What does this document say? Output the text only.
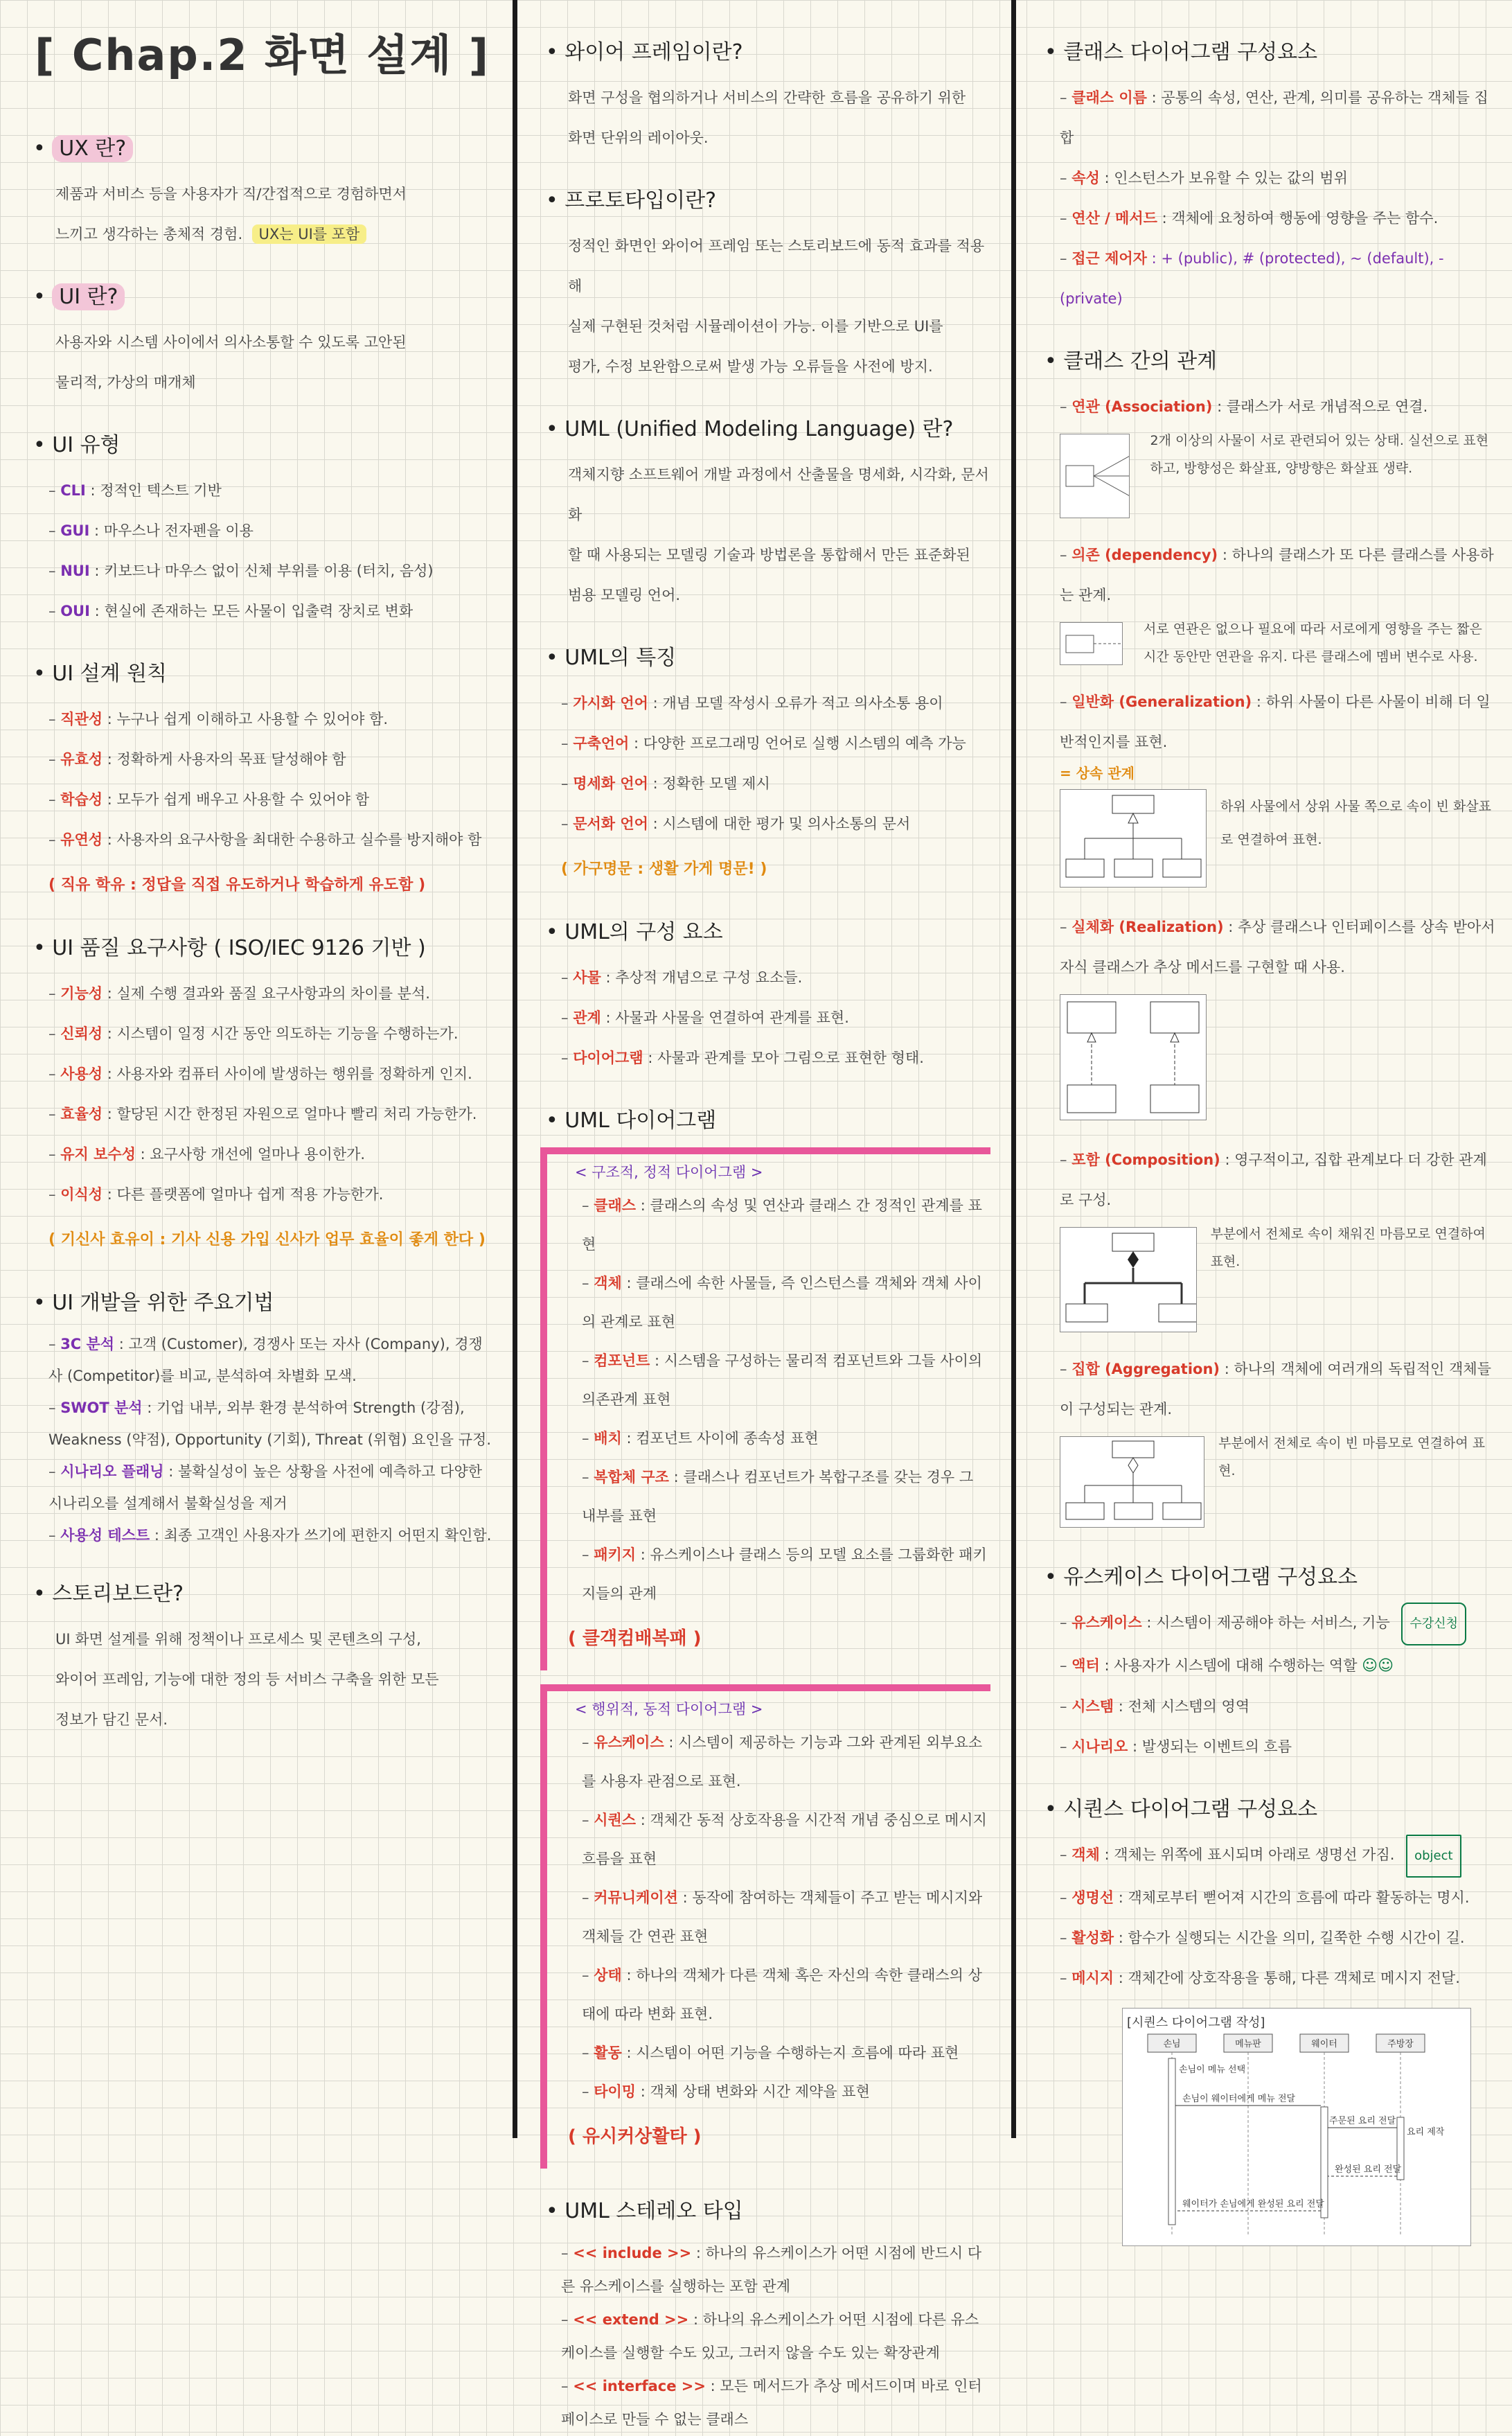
[ Chap.2 화면 설계 ]
• UX 란?
제품과 서비스 등을 사용자가 직/간접적으로 경험하면서
느끼고 생각하는 총체적 경험. UX는 UI를 포함
• UI 란?
사용자와 시스템 사이에서 의사소통할 수 있도록 고안된
물리적, 가상의 매개체
• UI 유형
– CLI : 정적인 텍스트 기반
– GUI : 마우스나 전자펜을 이용
– NUI : 키보드나 마우스 없이 신체 부위를 이용 (터치, 음성)
– OUI : 현실에 존재하는 모든 사물이 입출력 장치로 변화
• UI 설계 원칙
– 직관성 : 누구나 쉽게 이해하고 사용할 수 있어야 함.
– 유효성 : 정확하게 사용자의 목표 달성해야 함
– 학습성 : 모두가 쉽게 배우고 사용할 수 있어야 함
– 유연성 : 사용자의 요구사항을 최대한 수용하고 실수를 방지해야 함
( 직유 학유 : 정답을 직접 유도하거나 학습하게 유도함 )
• UI 품질 요구사항 ( ISO/IEC 9126 기반 )
– 기능성 : 실제 수행 결과와 품질 요구사항과의 차이를 분석.
– 신뢰성 : 시스템이 일정 시간 동안 의도하는 기능을 수행하는가.
– 사용성 : 사용자와 컴퓨터 사이에 발생하는 행위를 정확하게 인지.
– 효율성 : 할당된 시간 한정된 자원으로 얼마나 빨리 처리 가능한가.
– 유지 보수성 : 요구사항 개선에 얼마나 용이한가.
– 이식성 : 다른 플랫폼에 얼마나 쉽게 적용 가능한가.
( 기신사 효유이 : 기사 신용 가입 신사가 업무 효율이 좋게 한다 )
• UI 개발을 위한 주요기법
– 3C 분석 : 고객 (Customer), 경쟁사 또는 자사 (Company), 경쟁사 (Competitor)를 비교, 분석하여 차별화 모색.
– SWOT 분석 : 기업 내부, 외부 환경 분석하여 Strength (강점), Weakness (약점), Opportunity (기회), Threat (위협) 요인을 규정.
– 시나리오 플래닝 : 불확실성이 높은 상황을 사전에 예측하고 다양한 시나리오를 설계해서 불확실성을 제거
– 사용성 테스트 : 최종 고객인 사용자가 쓰기에 편한지 어떤지 확인함.
• 스토리보드란?
UI 화면 설계를 위해 정책이나 프로세스 및 콘텐츠의 구성,
와이어 프레임, 기능에 대한 정의 등 서비스 구축을 위한 모든
정보가 담긴 문서.
• 와이어 프레임이란?
화면 구성을 협의하거나 서비스의 간략한 흐름을 공유하기 위한
화면 단위의 레이아웃.
• 프로토타입이란?
정적인 화면인 와이어 프레임 또는 스토리보드에 동적 효과를 적용해
실제 구현된 것처럼 시뮬레이션이 가능. 이를 기반으로 UI를
평가, 수정 보완함으로써 발생 가능 오류들을 사전에 방지.
• UML (Unified Modeling Language) 란?
객체지향 소프트웨어 개발 과정에서 산출물을 명세화, 시각화, 문서화
할 때 사용되는 모델링 기술과 방법론을 통합해서 만든 표준화된
범용 모델링 언어.
• UML의 특징
– 가시화 언어 : 개념 모델 작성시 오류가 적고 의사소통 용이
– 구축언어 : 다양한 프로그래밍 언어로 실행 시스템의 예측 가능
– 명세화 언어 : 정확한 모델 제시
– 문서화 언어 : 시스템에 대한 평가 및 의사소통의 문서
( 가구명문 : 생활 가게 명문! )
• UML의 구성 요소
– 사물 : 추상적 개념으로 구성 요소들.
– 관계 : 사물과 사물을 연결하여 관계를 표현.
– 다이어그램 : 사물과 관계를 모아 그림으로 표현한 형태.
• UML 다이어그램
< 구조적, 정적 다이어그램 >
– 클래스 : 클래스의 속성 및 연산과 클래스 간 정적인 관계를 표현
– 객체 : 클래스에 속한 사물들, 즉 인스턴스를 객체와 객체 사이의 관계로 표현
– 컴포넌트 : 시스템을 구성하는 물리적 컴포넌트와 그들 사이의 의존관계 표현
– 배치 : 컴포넌트 사이에 종속성 표현
– 복합체 구조 : 클래스나 컴포넌트가 복합구조를 갖는 경우 그 내부를 표현
– 패키지 : 유스케이스나 클래스 등의 모델 요소를 그룹화한 패키지들의 관계
( 클객컴배복패 )
< 행위적, 동적 다이어그램 >
– 유스케이스 : 시스템이 제공하는 기능과 그와 관계된 외부요소를 사용자 관점으로 표현.
– 시퀀스 : 객체간 동적 상호작용을 시간적 개념 중심으로 메시지 흐름을 표현
– 커뮤니케이션 : 동작에 참여하는 객체들이 주고 받는 메시지와 객체들 간 연관 표현
– 상태 : 하나의 객체가 다른 객체 혹은 자신의 속한 클래스의 상태에 따라 변화 표현.
– 활동 : 시스템이 어떤 기능을 수행하는지 흐름에 따라 표현
– 타이밍 : 객체 상태 변화와 시간 제약을 표현
( 유시커상활타 )
• UML 스테레오 타입
– << include >> : 하나의 유스케이스가 어떤 시점에 반드시 다른 유스케이스를 실행하는 포함 관계
– << extend >> : 하나의 유스케이스가 어떤 시점에 다른 유스케이스를 실행할 수도 있고, 그러지 않을 수도 있는 확장관계
– << interface >> : 모든 메서드가 추상 메서드이며 바로 인터페이스로 만들 수 없는 클래스
• 클래스 다이어그램 구성요소
– 클래스 이름 : 공통의 속성, 연산, 관계, 의미를 공유하는 객체들 집합
– 속성 : 인스턴스가 보유할 수 있는 값의 범위
– 연산 / 메서드 : 객체에 요청하여 행동에 영향을 주는 함수.
– 접근 제어자 : + (public), # (protected), ~ (default), - (private)
• 클래스 간의 관계
– 연관 (Association) : 클래스가 서로 개념적으로 연결.
2개 이상의 사물이 서로 관련되어 있는 상태. 실선으로 표현하고, 방향성은 화살표, 양방향은 화살표 생략.
– 의존 (dependency) : 하나의 클래스가 또 다른 클래스를 사용하는 관계.
서로 연관은 없으나 필요에 따라 서로에게 영향을 주는 짧은 시간 동안만 연관을 유지. 다른 클래스에 멤버 변수로 사용.
– 일반화 (Generalization) : 하위 사물이 다른 사물이 비해 더 일반적인지를 표현.
= 상속 관계
하위 사물에서 상위 사물 쪽으로 속이 빈 화살표로 연결하여 표현.
– 실체화 (Realization) : 추상 클래스나 인터페이스를 상속 받아서 자식 클래스가 추상 메서드를 구현할 때 사용.
– 포함 (Composition) : 영구적이고, 집합 관계보다 더 강한 관계로 구성.
부분에서 전체로 속이 채워진 마름모로 연결하여 표현.
– 집합 (Aggregation) : 하나의 객체에 여러개의 독립적인 객체들이 구성되는 관계.
부분에서 전체로 속이 빈 마름모로 연결하여 표현.
• 유스케이스 다이어그램 구성요소
– 유스케이스 : 시스템이 제공해야 하는 서비스, 기능 수강신청
– 액터 : 사용자가 시스템에 대해 수행하는 역할 ☺☺
– 시스템 : 전체 시스템의 영역
– 시나리오 : 발생되는 이벤트의 흐름
• 시퀀스 다이어그램 구성요소
– 객체 : 객체는 위쪽에 표시되며 아래로 생명선 가짐. object
– 생명선 : 객체로부터 뻗어져 시간의 흐름에 따라 활동하는 명시.
– 활성화 : 함수가 실행되는 시간을 의미, 길쭉한 수행 시간이 길.
– 메시지 : 객체간에 상호작용을 통해, 다른 객체로 메시지 전달.
[시퀀스 다이어그램 작성]
손님	메뉴판	웨이터	주방장
손님이 메뉴 선택
손님이 웨이터에게 메뉴 전달
주문된 요리 전달
요리 제작
완성된 요리 전달
웨이터가 손님에게 완성된 요리 전달
